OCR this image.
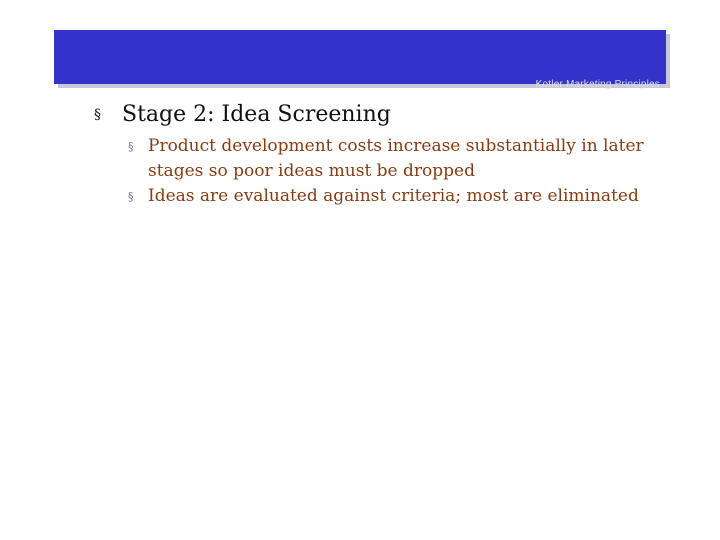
Kotler Marketing Principles
§ Stage 2: Idea Screening
§ Product development costs increase substantially in later stages so poor ideas must be dropped
§ Ideas are evaluated against criteria; most are eliminated
